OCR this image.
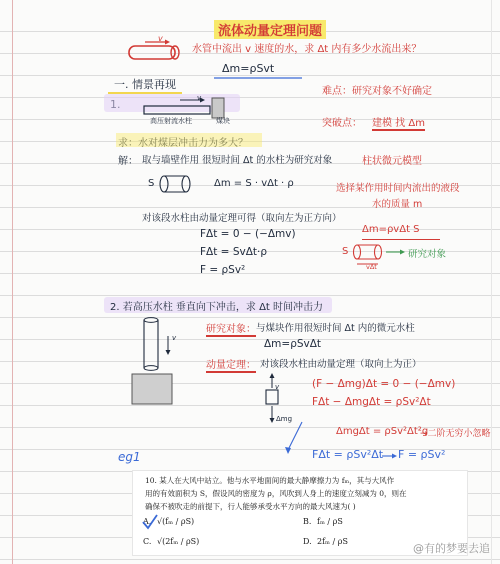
流体动量定理问题
v
水管中流出 v 速度的水，求 Δt 内有多少水流出来？
Δm=ρSvt
一. 情景再现
难点：研究对象不好确定
v
高压射流水柱	煤块	突破点： 建模 找 Δm
求：水对煤层冲击力为多大？
解： 取与墙壁作用 很短时间 Δt 的水柱为研究对象	柱状微元模型
S	Δm = S · vΔt · ρ	选择某作用时间内流出的液段
水的质量 m
对该段水柱由动量定理可得（取向左为正方向）
Δm=ρvΔt S
FΔt = 0 − (−Δmv)
FΔt = SvΔt·ρ
F = ρSv²
S
vΔt
研究对象
2. 若高压水柱 垂直向下冲击，求 Δt 时间冲击力
v
研究对象： 与煤块作用很短时间 Δt 内的微元水柱
Δm=ρSvΔt
动量定理： 对该段水柱由动量定理（取向上为正）
(F − Δmg)Δt = 0 − (−Δmv)
FΔt − ΔmgΔt = ρSv²Δt
v
Δmg
ΔmgΔt = ρSv²Δt²g
→二阶无穷小忽略
FΔt = ρSv²Δt F = ρSv²
eg1
10. 某人在大风中站立。他与水平地面间的最大静摩擦力为 fₘ，其与大风作
用的有效面积为 S，假设风的密度为 ρ，风吹到人身上的速度立刻减为 0，则在
确保不被吹走的前提下，行人能够承受水平方向的最大风速为( )
A. √(fₘ / ρS)	B. fₘ / ρS
C. √(2fₘ / ρS)	D. 2fₘ / ρS
@有的梦要去追
